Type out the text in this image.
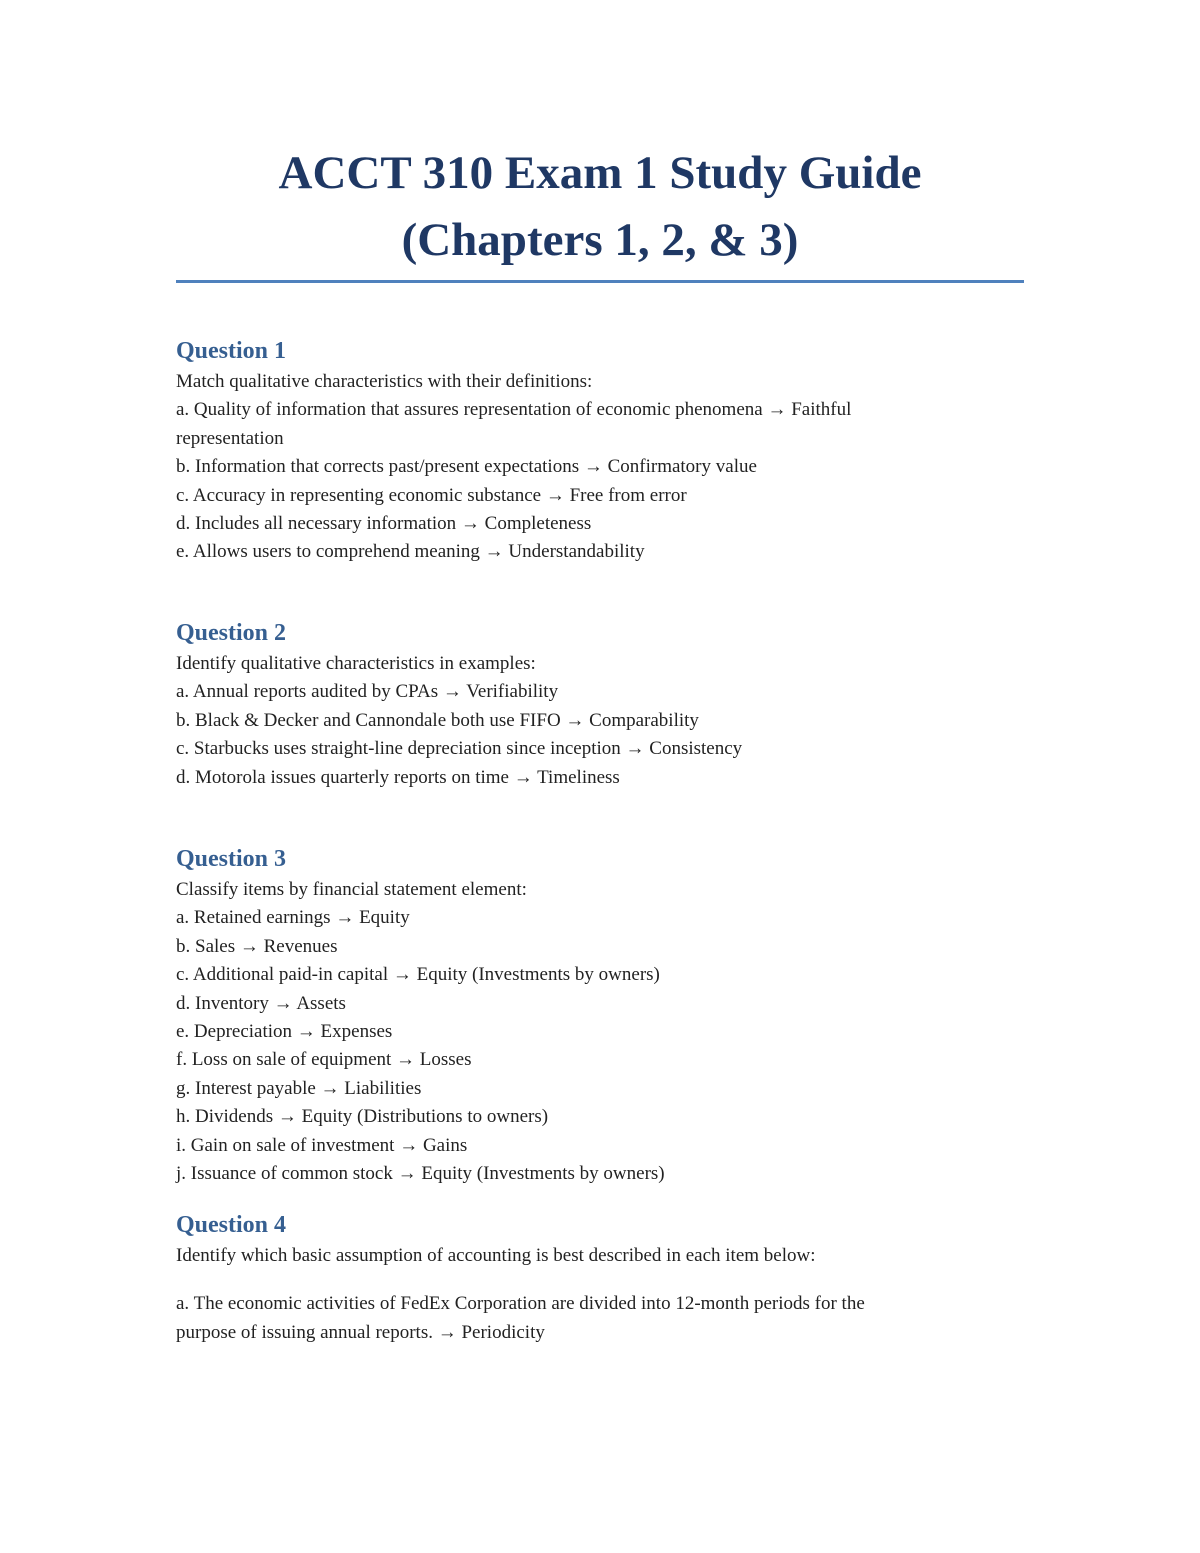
ACCT 310 Exam 1 Study Guide
(Chapters 1, 2, & 3)
Question 1

Match qualitative characteristics with their definitions:

a. Quality of information that assures representation of economic phenomena → Faithful

representation

b. Information that corrects past/present expectations → Confirmatory value

c. Accuracy in representing economic substance → Free from error

d. Includes all necessary information → Completeness

e. Allows users to comprehend meaning → Understandability

Question 2

Identify qualitative characteristics in examples:

a. Annual reports audited by CPAs → Verifiability

b. Black & Decker and Cannondale both use FIFO → Comparability

c. Starbucks uses straight-line depreciation since inception → Consistency

d. Motorola issues quarterly reports on time → Timeliness

Question 3

Classify items by financial statement element:

a. Retained earnings → Equity

b. Sales → Revenues

c. Additional paid-in capital → Equity (Investments by owners)

d. Inventory → Assets

e. Depreciation → Expenses

f. Loss on sale of equipment → Losses

g. Interest payable → Liabilities

h. Dividends → Equity (Distributions to owners)

i. Gain on sale of investment → Gains

j. Issuance of common stock → Equity (Investments by owners)

Question 4

Identify which basic assumption of accounting is best described in each item below:

a. The economic activities of FedEx Corporation are divided into 12-month periods for the

purpose of issuing annual reports. → Periodicity
